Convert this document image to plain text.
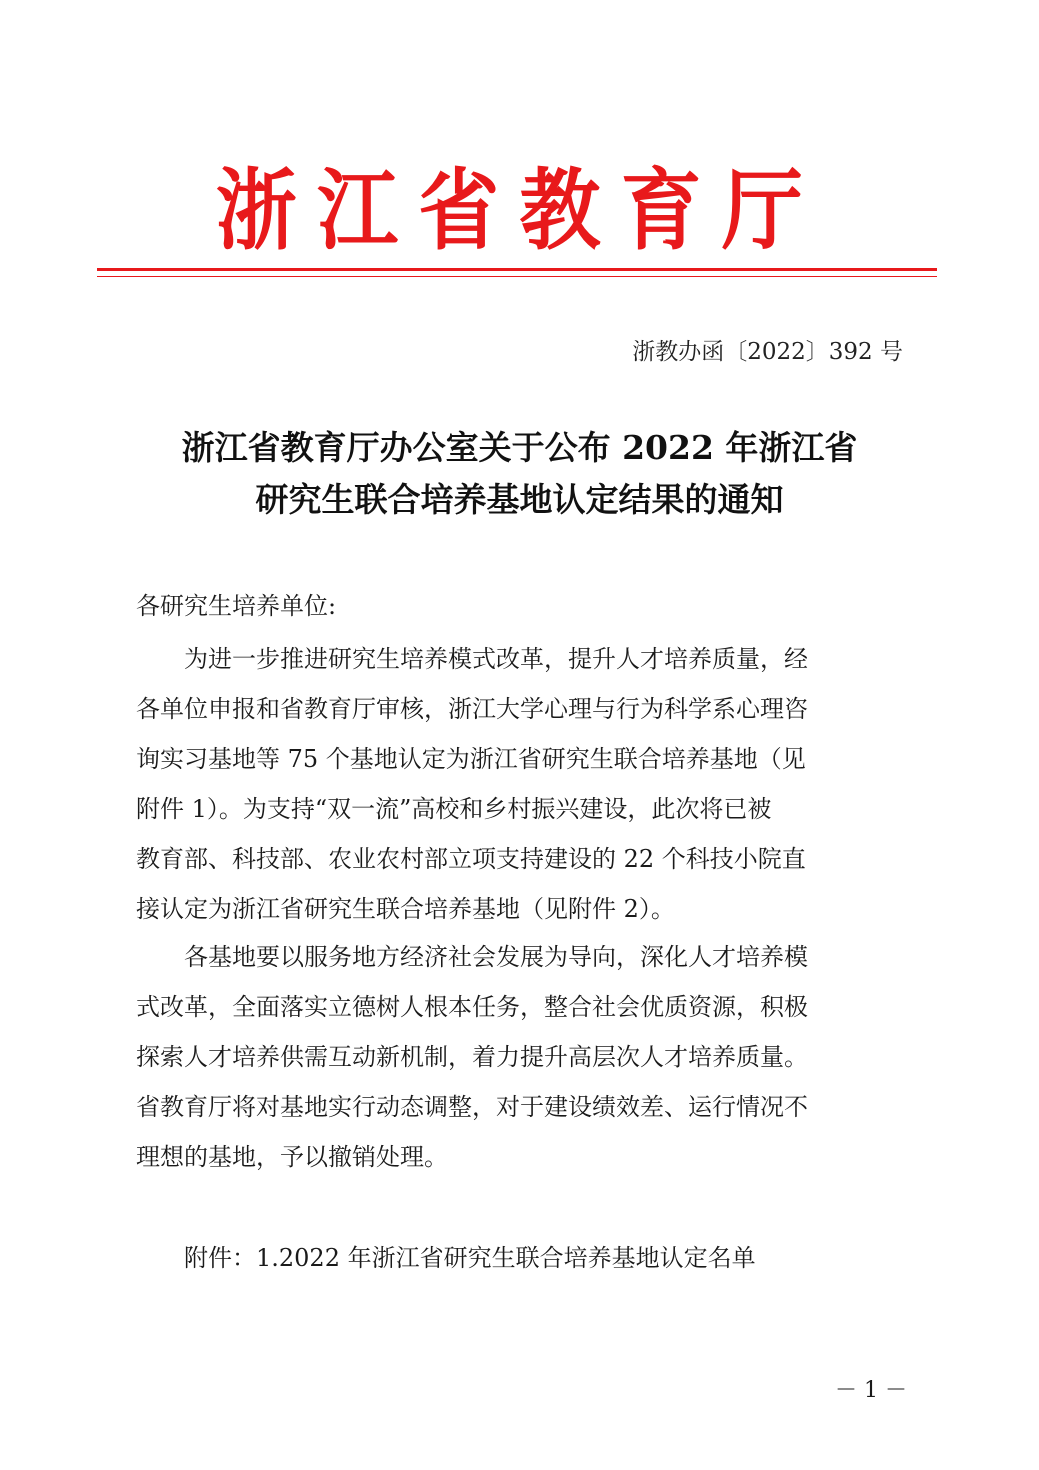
浙江省教育厅
浙教办函〔2022〕392 号
浙江省教育厅办公室关于公布 2022 年浙江省
研究生联合培养基地认定结果的通知
各研究生培养单位:
为进一步推进研究生培养模式改革，提升人才培养质量，经
各单位申报和省教育厅审核，浙江大学心理与行为科学系心理咨
询实习基地等 75 个基地认定为浙江省研究生联合培养基地（见
附件 1）。为支持“双一流”高校和乡村振兴建设，此次将已被
教育部、科技部、农业农村部立项支持建设的 22 个科技小院直
接认定为浙江省研究生联合培养基地（见附件 2）。
各基地要以服务地方经济社会发展为导向，深化人才培养模
式改革，全面落实立德树人根本任务，整合社会优质资源，积极
探索人才培养供需互动新机制，着力提升高层次人才培养质量。
省教育厅将对基地实行动态调整，对于建设绩效差、运行情况不
理想的基地，予以撤销处理。
附件：1.2022 年浙江省研究生联合培养基地认定名单
－ 1 －
